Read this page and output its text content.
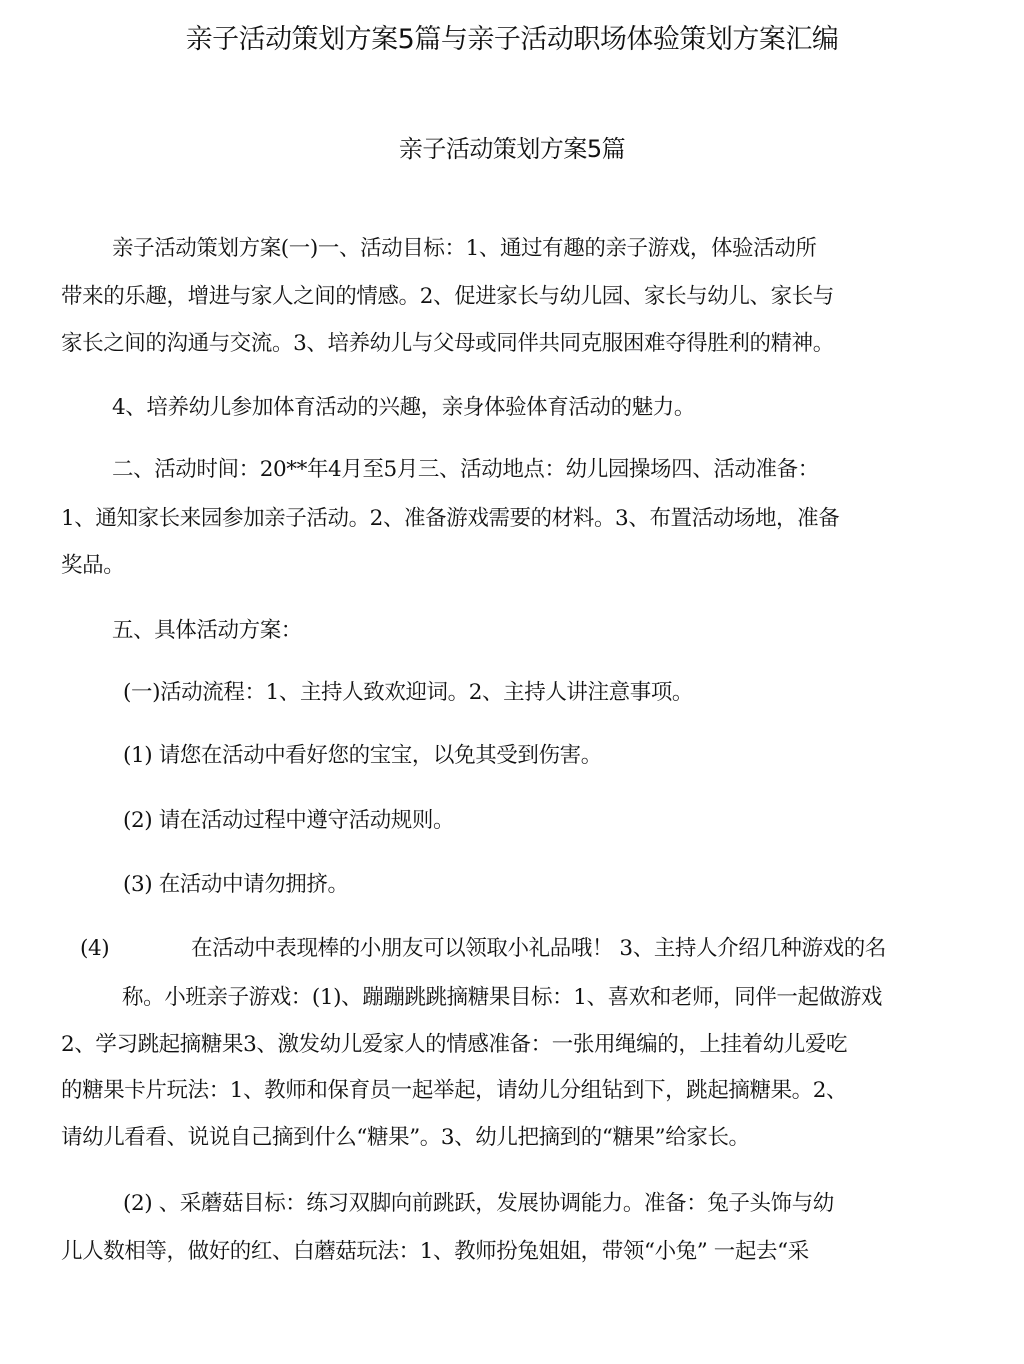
亲子活动策划方案5篇与亲子活动职场体验策划方案汇编
亲子活动策划方案5篇
亲子活动策划方案(一)一、活动目标：1、通过有趣的亲子游戏，体验活动所
带来的乐趣，增进与家人之间的情感。2、促进家长与幼儿园、家长与幼儿、家长与
家长之间的沟通与交流。3、培养幼儿与父母或同伴共同克服困难夺得胜利的精神。
4、培养幼儿参加体育活动的兴趣，亲身体验体育活动的魅力。
二、活动时间：20**年4月至5月三、活动地点：幼儿园操场四、活动准备：
1、通知家长来园参加亲子活动。2、准备游戏需要的材料。3、布置活动场地，准备
奖品。
五、具体活动方案：
(一)活动流程：1、主持人致欢迎词。2、主持人讲注意事项。
(1) 请您在活动中看好您的宝宝，以免其受到伤害。
(2) 请在活动过程中遵守活动规则。
(3) 在活动中请勿拥挤。
(4)	在活动中表现棒的小朋友可以领取小礼品哦！ 3、主持人介绍几种游戏的名
称。小班亲子游戏：(1)、蹦蹦跳跳摘糖果目标：1、喜欢和老师，同伴一起做游戏
2、学习跳起摘糖果3、激发幼儿爱家人的情感准备：一张用绳编的，上挂着幼儿爱吃
的糖果卡片玩法：1、教师和保育员一起举起，请幼儿分组钻到下，跳起摘糖果。2、
请幼儿看看、说说自己摘到什么“糖果”。3、幼儿把摘到的“糖果”给家长。
(2) 、采蘑菇目标：练习双脚向前跳跃，发展协调能力。准备：兔子头饰与幼
儿人数相等，做好的红、白蘑菇玩法：1、教师扮兔姐姐，带领“小兔” 一起去“采
